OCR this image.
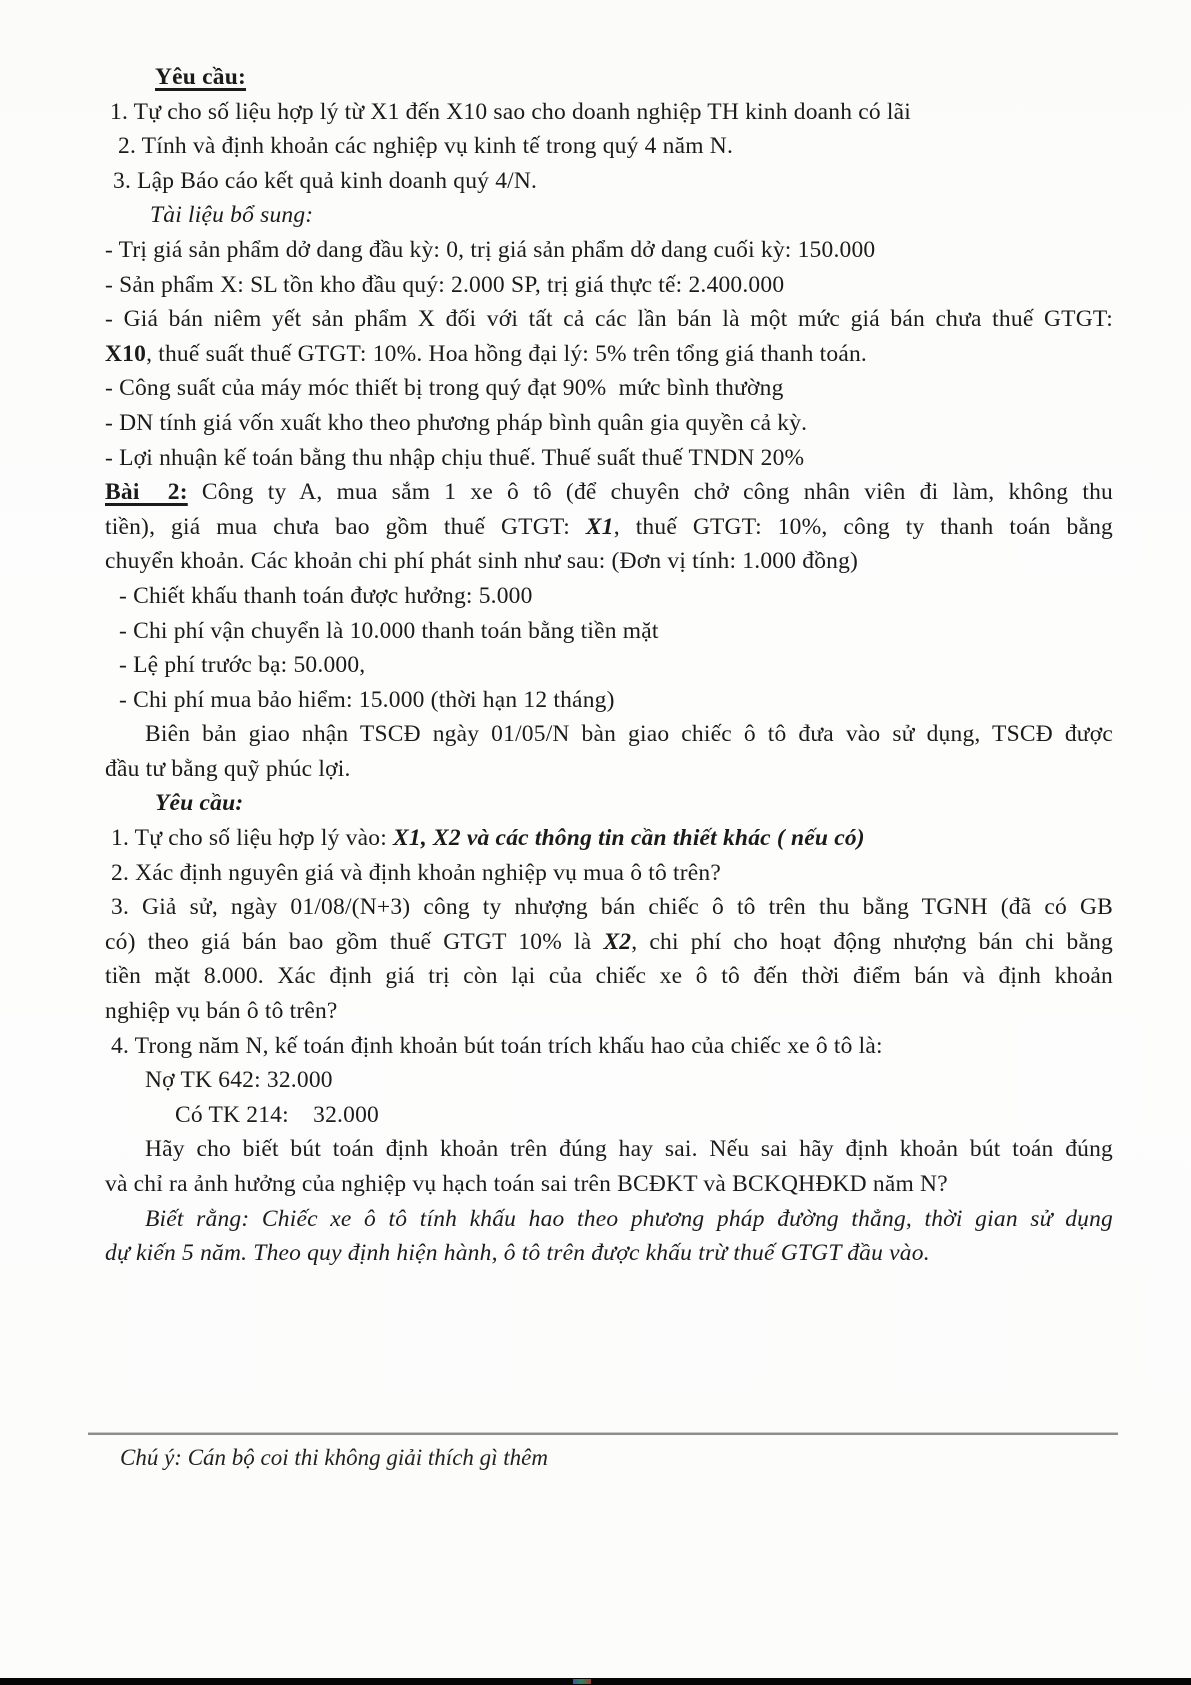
Yêu cầu:
1. Tự cho số liệu hợp lý từ X1 đến X10 sao cho doanh nghiệp TH kinh doanh có lãi
2. Tính và định khoản các nghiệp vụ kinh tế trong quý 4 năm N.
3. Lập Báo cáo kết quả kinh doanh quý 4/N.
Tài liệu bổ sung:
- Trị giá sản phẩm dở dang đầu kỳ: 0, trị giá sản phẩm dở dang cuối kỳ: 150.000
- Sản phẩm X: SL tồn kho đầu quý: 2.000 SP, trị giá thực tế: 2.400.000
- Giá bán niêm yết sản phẩm X đối với tất cả các lần bán là một mức giá bán chưa thuế GTGT:
X10, thuế suất thuế GTGT: 10%. Hoa hồng đại lý: 5% trên tổng giá thanh toán.
- Công suất của máy móc thiết bị trong quý đạt 90%  mức bình thường
- DN tính giá vốn xuất kho theo phương pháp bình quân gia quyền cả kỳ.
- Lợi nhuận kế toán bằng thu nhập chịu thuế. Thuế suất thuế TNDN 20%
Bài  2: Công ty A, mua sắm 1 xe ô tô (để chuyên chở công nhân viên đi làm, không thu
tiền), giá mua chưa bao gồm thuế GTGT: X1, thuế GTGT: 10%, công ty thanh toán bằng
chuyển khoản. Các khoản chi phí phát sinh như sau: (Đơn vị tính: 1.000 đồng)
- Chiết khấu thanh toán được hưởng: 5.000
- Chi phí vận chuyển là 10.000 thanh toán bằng tiền mặt
- Lệ phí trước bạ: 50.000,
- Chi phí mua bảo hiểm: 15.000 (thời hạn 12 tháng)
Biên bản giao nhận TSCĐ ngày 01/05/N bàn giao chiếc ô tô đưa vào sử dụng, TSCĐ được
đầu tư bằng quỹ phúc lợi.
Yêu cầu:
1. Tự cho số liệu hợp lý vào: X1, X2 và các thông tin cần thiết khác ( nếu có)
2. Xác định nguyên giá và định khoản nghiệp vụ mua ô tô trên?
3. Giả sử, ngày 01/08/(N+3) công ty nhượng bán chiếc ô tô trên thu bằng TGNH (đã có GB
có) theo giá bán bao gồm thuế GTGT 10% là X2, chi phí cho hoạt động nhượng bán chi bằng
tiền mặt 8.000. Xác định giá trị còn lại của chiếc xe ô tô đến thời điểm bán và định khoản
nghiệp vụ bán ô tô trên?
4. Trong năm N, kế toán định khoản bút toán trích khấu hao của chiếc xe ô tô là:
Nợ TK 642: 32.000
Có TK 214:    32.000
Hãy cho biết bút toán định khoản trên đúng hay sai. Nếu sai hãy định khoản bút toán đúng
và chỉ ra ảnh hưởng của nghiệp vụ hạch toán sai trên BCĐKT và BCKQHĐKD năm N?
Biết rằng: Chiếc xe ô tô tính khấu hao theo phương pháp đường thẳng, thời gian sử dụng
dự kiến 5 năm. Theo quy định hiện hành, ô tô trên được khấu trừ thuế GTGT đầu vào.
Chú ý: Cán bộ coi thi không giải thích gì thêm
